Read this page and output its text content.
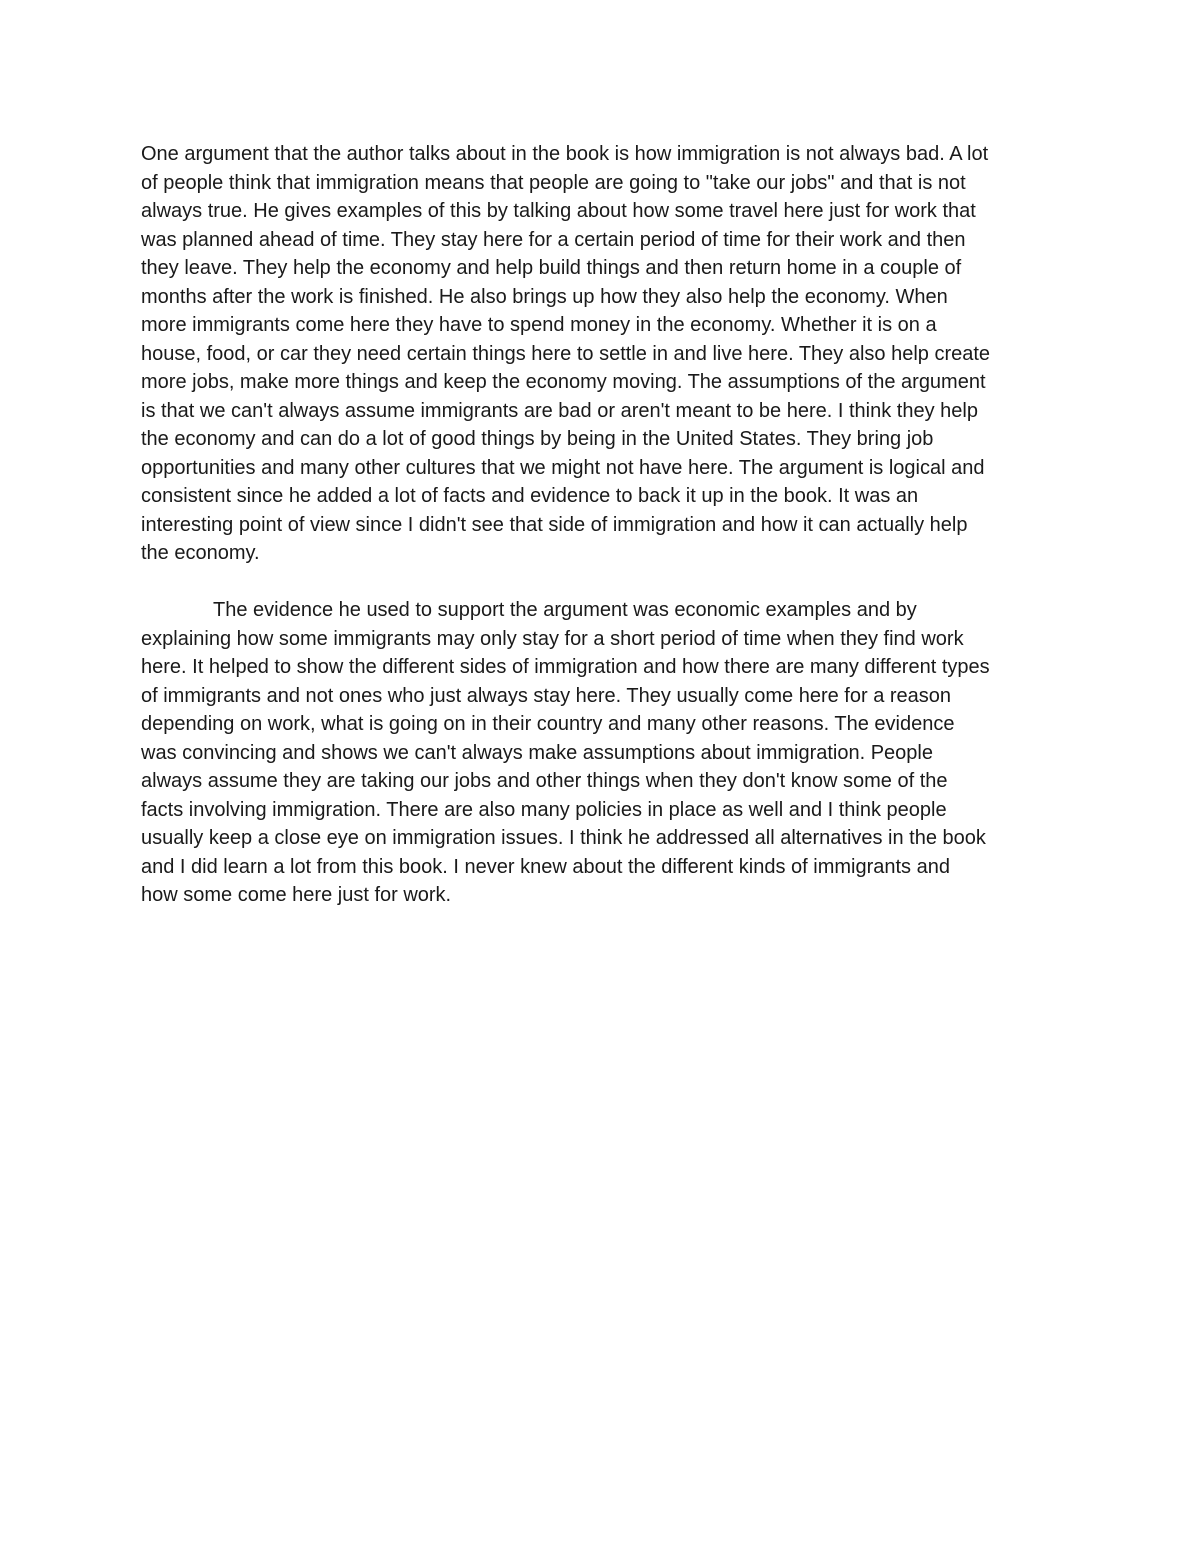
One argument that the author talks about in the book is how immigration is not always bad. A lot
of people think that immigration means that people are going to "take our jobs" and that is not
always true. He gives examples of this by talking about how some travel here just for work that
was planned ahead of time. They stay here for a certain period of time for their work and then
they leave. They help the economy and help build things and then return home in a couple of
months after the work is finished. He also brings up how they also help the economy. When
more immigrants come here they have to spend money in the economy. Whether it is on a
house, food, or car they need certain things here to settle in and live here. They also help create
more jobs, make more things and keep the economy moving. The assumptions of the argument
is that we can't always assume immigrants are bad or aren't meant to be here. I think they help
the economy and can do a lot of good things by being in the United States. They bring job
opportunities and many other cultures that we might not have here. The argument is logical and
consistent since he added a lot of facts and evidence to back it up in the book. It was an
interesting point of view since I didn't see that side of immigration and how it can actually help
the economy.

The evidence he used to support the argument was economic examples and by
explaining how some immigrants may only stay for a short period of time when they find work
here. It helped to show the different sides of immigration and how there are many different types
of immigrants and not ones who just always stay here. They usually come here for a reason
depending on work, what is going on in their country and many other reasons. The evidence
was convincing and shows we can't always make assumptions about immigration. People
always assume they are taking our jobs and other things when they don't know some of the
facts involving immigration. There are also many policies in place as well and I think people
usually keep a close eye on immigration issues. I think he addressed all alternatives in the book
and I did learn a lot from this book. I never knew about the different kinds of immigrants and
how some come here just for work.
